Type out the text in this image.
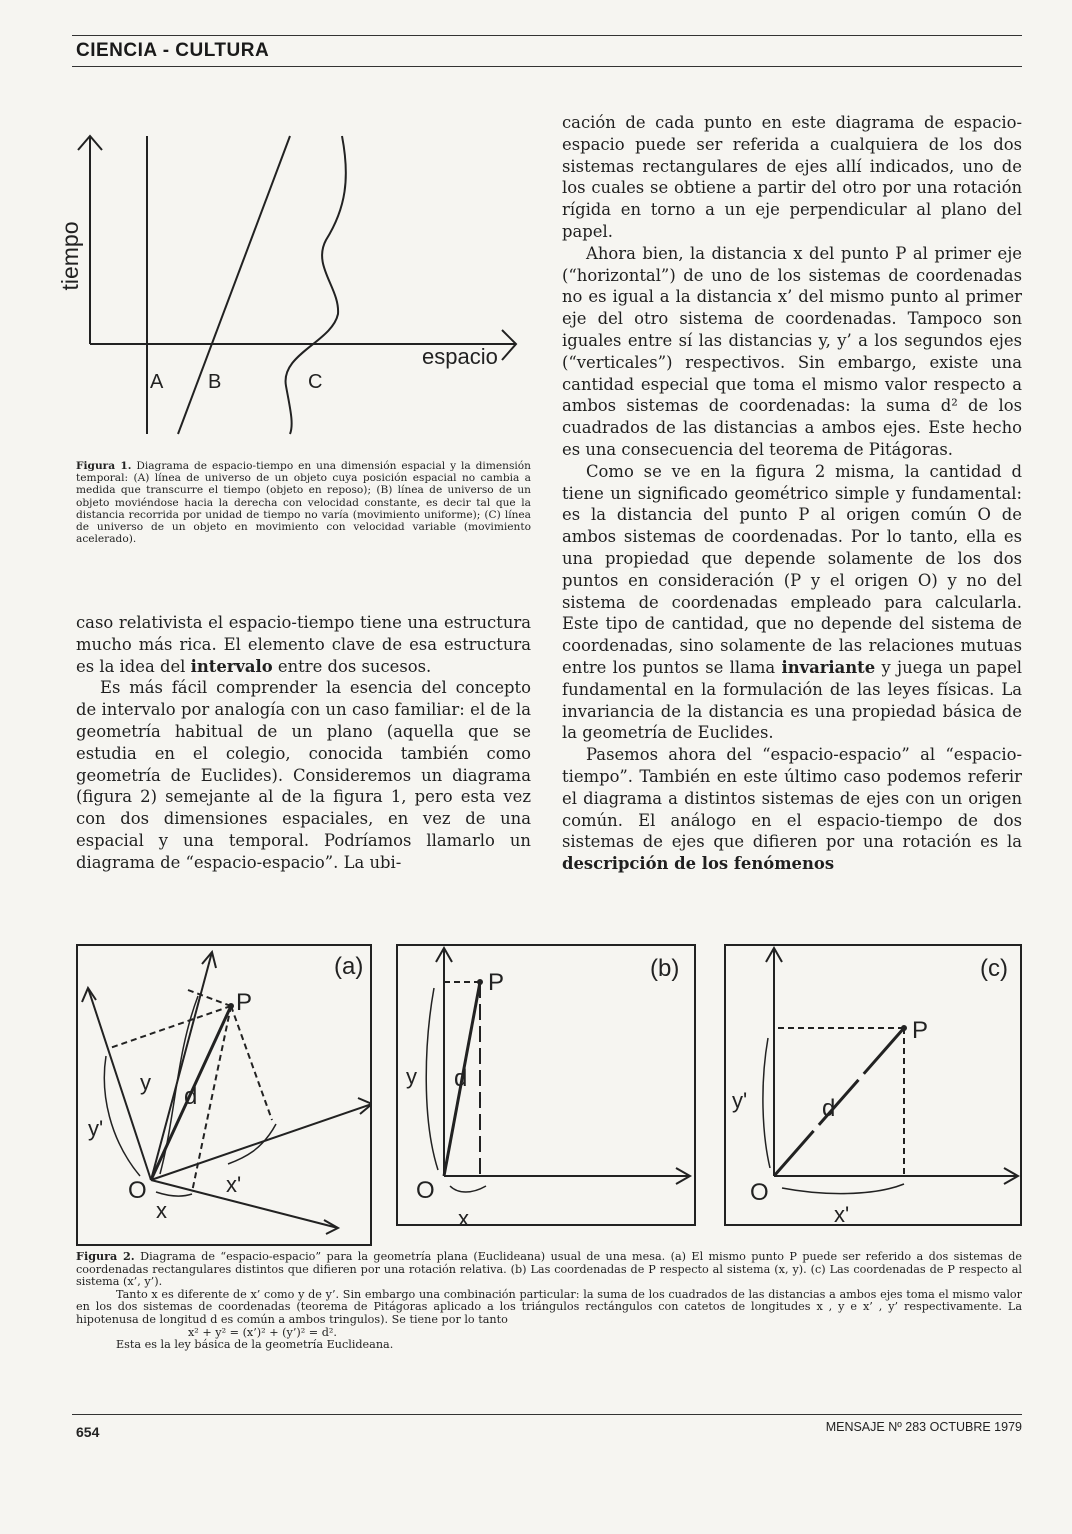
CIENCIA - CULTURA
tiempo
espacio
A B	C
Figura 1. Diagrama de espacio-tiempo en una dimensión espacial y la dimensión temporal: (A) línea de universo de un objeto cuya posición espacial no cambia a medida que transcurre el tiempo (objeto en reposo); (B) línea de universo de un objeto moviéndose hacia la derecha con velocidad constante, es decir tal que la distancia recorrida por unidad de tiempo no varía (movimiento uniforme); (C) línea de universo de un objeto en movimiento con velocidad variable (movimiento acelerado).

caso relativista el espacio-tiempo tiene una estructura mucho más rica. El elemento clave de esa estructura es la idea del intervalo entre dos sucesos.

Es más fácil comprender la esencia del concepto de intervalo por analogía con un caso familiar: el de la geometría habitual de un plano (aquella que se estudia en el colegio, conocida también como geometría de Euclides). Consideremos un diagrama (figura 2) semejante al de la figura 1, pero esta vez con dos dimensiones espaciales, en vez de una espacial y una temporal. Podríamos llamarlo un diagrama de “espacio-espacio”. La ubi-

cación de cada punto en este diagrama de espacio-espacio puede ser referida a cualquiera de los dos sistemas rectangulares de ejes allí indicados, uno de los cuales se obtiene a partir del otro por una rotación rígida en torno a un eje perpendicular al plano del papel.

Ahora bien, la distancia x del punto P al primer eje (“horizontal”) de uno de los sistemas de coordenadas no es igual a la distancia x’ del mismo punto al primer eje del otro sistema de coordenadas. Tampoco son iguales entre sí las distancias y, y’ a los segundos ejes (“verticales”) respectivos. Sin embargo, existe una cantidad especial que toma el mismo valor respecto a ambos sistemas de coordenadas: la suma d² de los cuadrados de las distancias a ambos ejes. Este hecho es una consecuencia del teorema de Pitágoras.

Como se ve en la figura 2 misma, la cantidad d tiene un significado geométrico simple y fundamental: es la distancia del punto P al origen común O de ambos sistemas de coordenadas. Por lo tanto, ella es una propiedad que depende solamente de los dos puntos en consideración (P y el origen O) y no del sistema de coordenadas empleado para calcularla. Este tipo de cantidad, que no depende del sistema de coordenadas, sino solamente de las relaciones mutuas entre los puntos se llama invariante y juega un papel fundamental en la formulación de las leyes físicas. La invariancia de la distancia es una propiedad básica de la geometría de Euclides.

Pasemos ahora del “espacio-espacio” al “espacio-tiempo”. También en este último caso podemos referir el diagrama a distintos sistemas de ejes con un origen común. El análogo en el espacio-tiempo de dos sistemas de ejes que difieren por una rotación es la descripción de los fenómenos

(a)
P
O
d
y
y'
x
x'
(b)
P
O
d
y
x
(c)
P
O
d
y'
x'

Figura 2. Diagrama de “espacio-espacio” para la geometría plana (Euclideana) usual de una mesa. (a) El mismo punto P puede ser referido a dos sistemas de coordenadas rectangulares distintos que difieren por una rotación relativa. (b) Las coordenadas de P respecto al sistema (x, y). (c) Las coordenadas de P respecto al sistema (x’, y’).

Tanto x es diferente de x’ como y de y’. Sin embargo una combinación particular: la suma de los cuadrados de las distancias a ambos ejes toma el mismo valor en los dos sistemas de coordenadas (teorema de Pitágoras aplicado a los triángulos rectángulos con catetos de longitudes x , y e x’ , y’ respectivamente. La hipotenusa de longitud d es común a ambos tringulos). Se tiene por lo tanto

x² + y² = (x’)² + (y’)² = d².

Esta es la ley básica de la geometría Euclideana.

654	MENSAJE Nº 283 OCTUBRE 1979
